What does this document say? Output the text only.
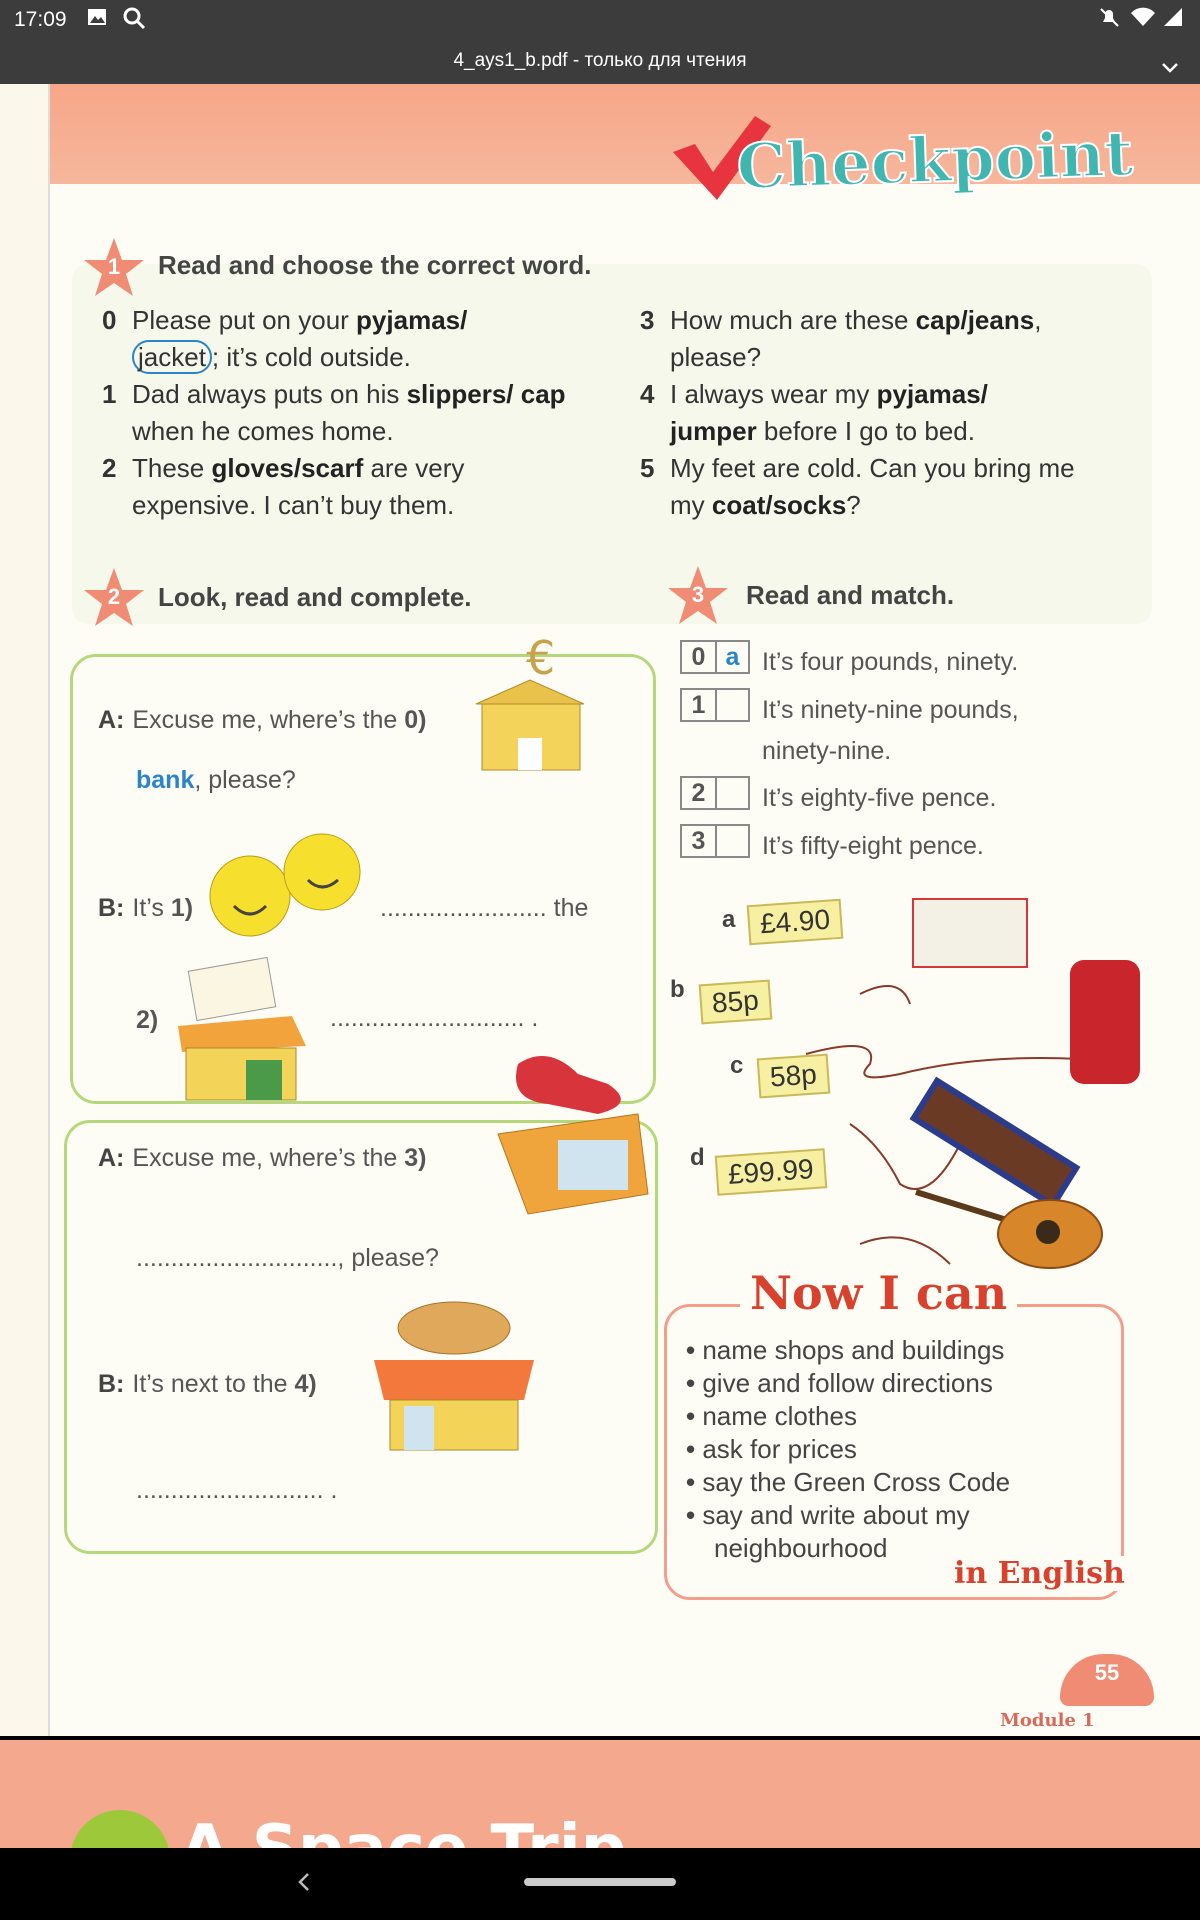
17:09
4_ays1_b.pdf - только для чтения
Checkpoint
1	Read and choose the correct word.
0 Please put on your pyjamas/
jacket ; it’s cold outside.
1 Dad always puts on his slippers/ cap when he comes home.
2 These gloves/scarf are very expensive. I can’t buy them.
3 How much are these cap/jeans, please?
4 I always wear my pyjamas/ jumper before I go to bed.
5 My feet are cold. Can you bring me my coat/socks?
2	Look, read and complete.
A: Excuse me, where’s the 0)
bank, please?
€
B: It’s 1)	........................ the
2)	............................ .
A: Excuse me, where’s the 3)
............................., please?
B: It’s next to the 4)
........................... .
3	Read and match.
0 a It’s four pounds, ninety.
1	It’s ninety-nine pounds, ninety-nine.
2	It’s eighty-five pence.
3	It’s fifty-eight pence.
a £4.90
b 85p
c 58p
d £99.99
Now I can
• name shops and buildings
• give and follow directions
• name clothes
• ask for prices
• say the Green Cross Code
• say and write about my neighbourhood
in English
55
Module 1
